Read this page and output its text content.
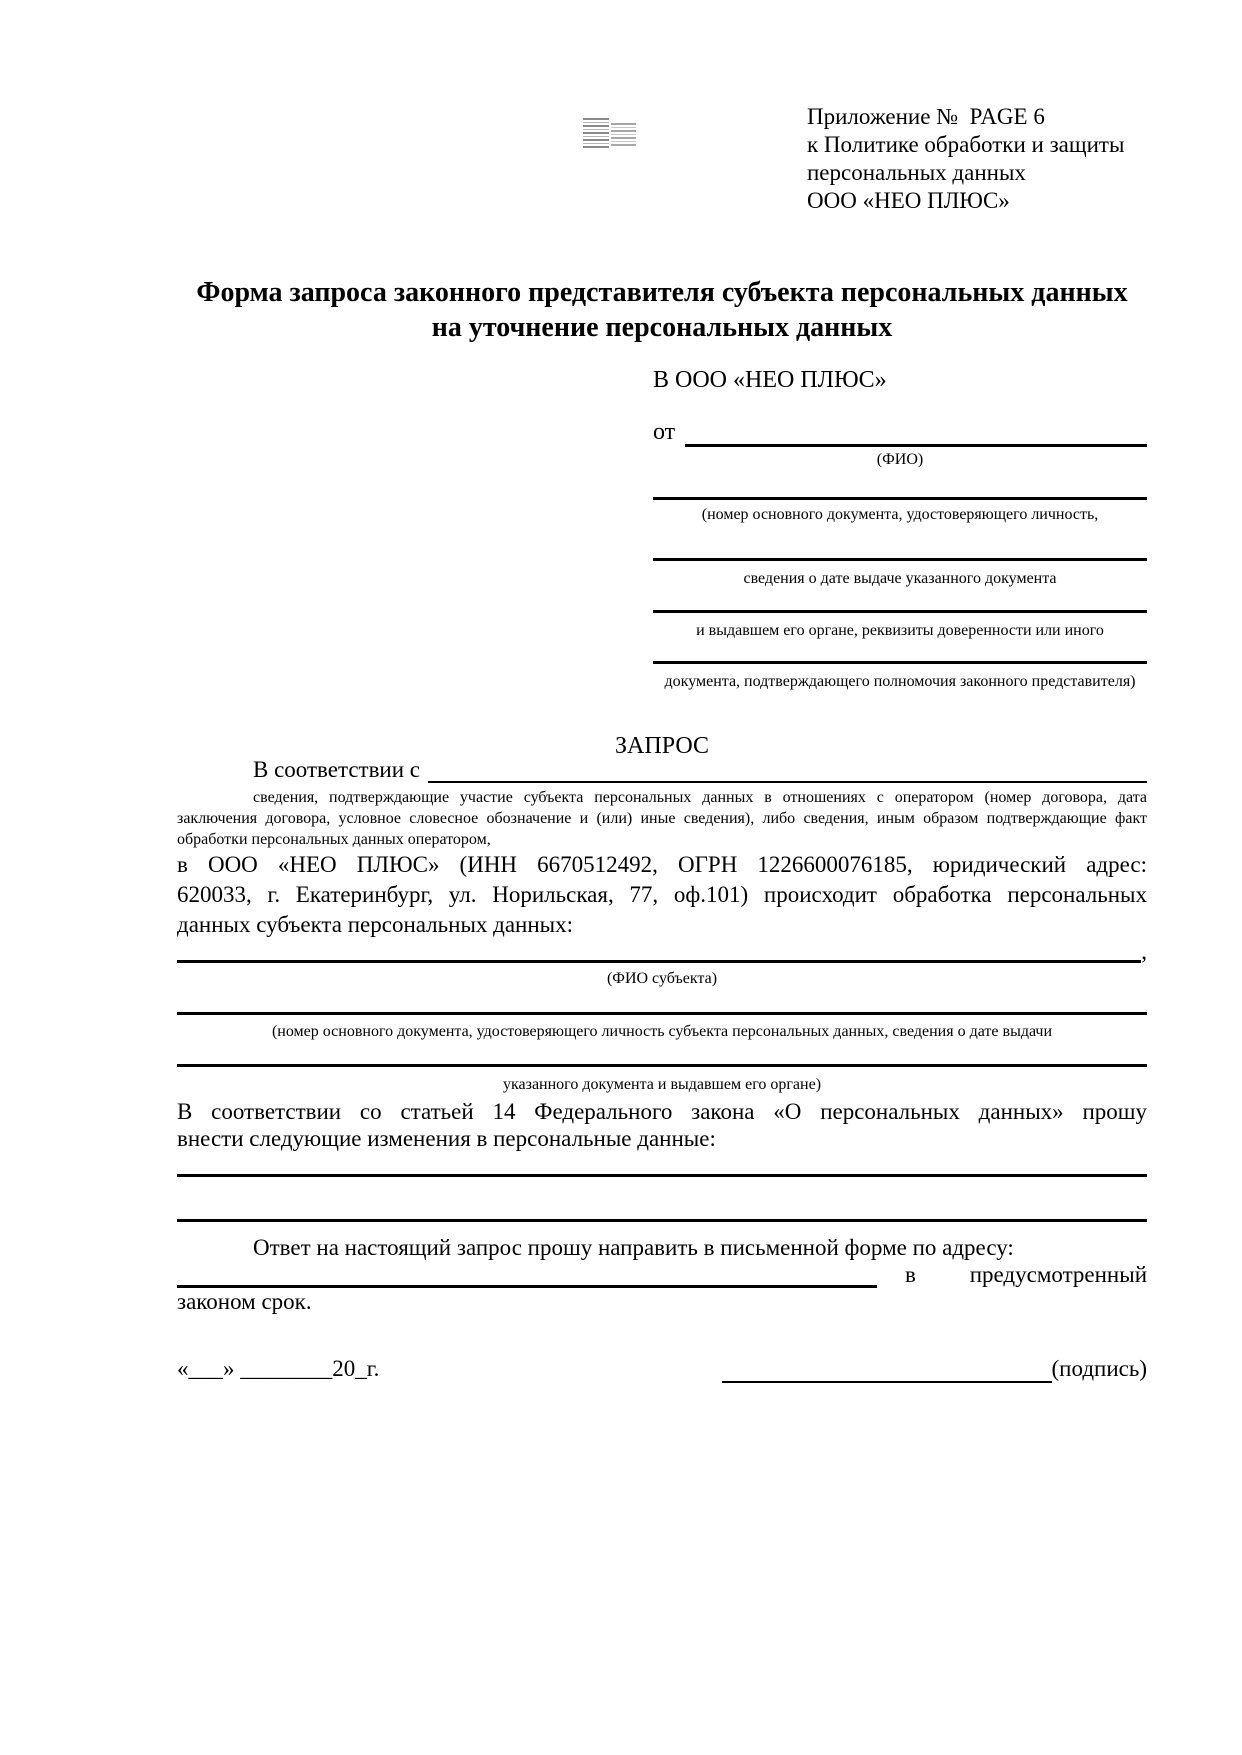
Приложение №  PAGE 6
к Политике обработки и защиты
персональных данных
ООО «НЕО ПЛЮС»
Форма запроса законного представителя субъекта персональных данных
на уточнение персональных данных
В ООО «НЕО ПЛЮС»
от
(ФИО)
(номер основного документа, удостоверяющего личность,
сведения о дате выдаче указанного документа
и выдавшем его органе, реквизиты доверенности или иного
документа, подтверждающего полномочия законного представителя)
ЗАПРОС
В соответствии с
сведения, подтверждающие участие субъекта персональных данных в отношениях с оператором (номер договора, дата
заключения договора, условное словесное обозначение и (или) иные сведения), либо сведения, иным образом подтверждающие факт
обработки персональных данных оператором,
в ООО «НЕО ПЛЮС» (ИНН 6670512492, ОГРН 1226600076185, юридический адрес:
620033, г. Екатеринбург, ул. Норильская, 77, оф.101) происходит обработка персональных
данных субъекта персональных данных:
,
(ФИО субъекта)
(номер основного документа, удостоверяющего личность субъекта персональных данных, сведения о дате выдачи
указанного документа и выдавшем его органе)
В соответствии со статьей 14 Федерального закона «О персональных данных» прошу
внести следующие изменения в персональные данные:
Ответ на настоящий запрос прошу направить в письменной форме по адресу:
в предусмотренный
законом срок.
«___» ________20_г.	(подпись)
